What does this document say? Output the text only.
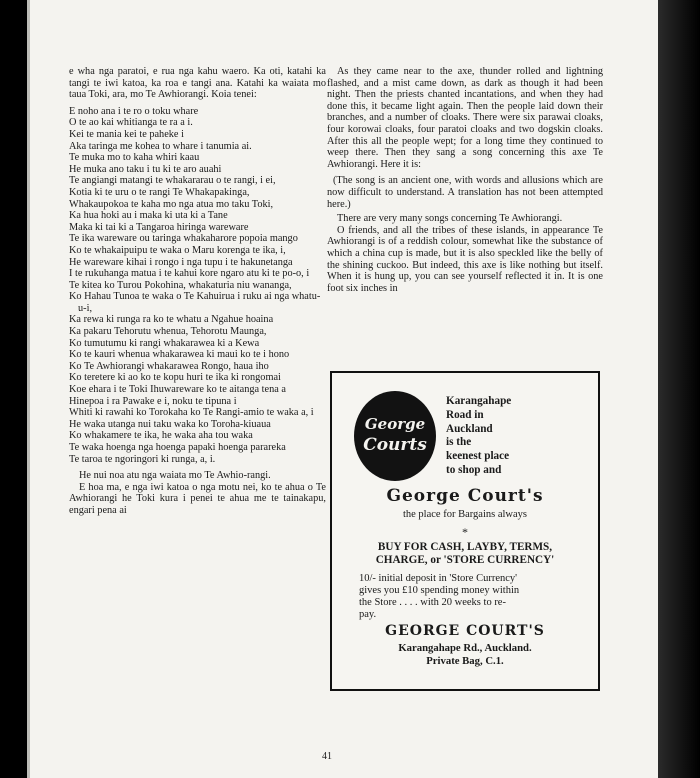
e wha nga paratoi, e rua nga kahu waero. Ka oti, katahi ka tangi te iwi katoa, ka roa e tangi ana. Katahi ka waiata mo taua Toki, ara, mo Te Awhiorangi. Koia tenei:

E noho ana i te ro o toku whare

O te ao kai whitianga te ra a i.

Kei te mania kei te paheke i

Aka taringa me kohea to whare i tanumia ai.

Te muka mo to kaha whiri kaau

He muka ano taku i tu ki te aro auahi

Te angiangi matangi te whakararau o te rangi, i ei,

Kotia ki te uru o te rangi Te Whakapakinga,

Whakaupokoa te kaha mo nga atua mo taku Toki,

Ka hua hoki au i maka ki uta ki a Tane

Maka ki tai ki a Tangaroa hiringa wareware

Te ika wareware ou taringa whakaharore popoia mango

Ko te whakaipuipu te waka o Maru korenga te ika, i,

He wareware kihai i rongo i nga tupu i te hakunetanga

I te rukuhanga matua i te kahui kore ngaro atu ki te po-o, i

Te kitea ko Turou Pokohina, whakaturia niu wananga,

Ko Hahau Tunoa te waka o Te Kahuirua i ruku ai nga whatu-u-i,

Ka rewa ki runga ra ko te whatu a Ngahue hoaina

Ka pakaru Tehorutu whenua, Tehorotu Maunga,

Ko tumutumu ki rangi whakarawea ki a Kewa

Ko te kauri whenua whakarawea ki maui ko te i hono

Ko Te Awhiorangi whakarawea Rongo, haua iho

Ko teretere ki ao ko te kopu huri te ika ki rongomai

Koe ehara i te Toki Ihuwareware ko te aitanga tena a

Hinepoa i ra Pawake e i, noku te tipuna i

Whiti ki rawahi ko Torokaha ko Te Rangi-amio te waka a, i

He waka utanga nui taku waka ko Toroha-kiuaua

Ko whakamere te ika, he waka aha tou waka

Te waka hoenga nga hoenga papaki hoenga parareka

Te taroa te ngoringori ki runga, a, i.

He nui noa atu nga waiata mo Te Awhio-rangi.

E hoa ma, e nga iwi katoa o nga motu nei, ko te ahua o Te Awhiorangi he Toki kura i penei te ahua me te tainakapu, engari pena ai

As they came near to the axe, thunder rolled and lightning flashed, and a mist came down, as dark as though it had been night. Then the priests chanted incantations, and when they had done this, it became light again. Then the people laid down their branches, and a number of cloaks. There were six parawai cloaks, four korowai cloaks, four paratoi cloaks and two dogskin cloaks. After this all the people wept; for a long time they continued to weep there. Then they sang a song concerning this axe Te Awhiorangi. Here it is:

(The song is an ancient one, with words and allusions which are now difficult to understand. A translation has not been attempted here.)

There are very many songs concerning Te Awhiorangi.

O friends, and all the tribes of these islands, in appearance Te Awhiorangi is of a reddish colour, somewhat like the substance of which a china cup is made, but it is also speckled like the belly of the shining cuckoo. But indeed, this axe is like nothing but itself. When it is hung up, you can see yourself reflected it in. It is one foot six inches in

George
Courts
Karangahape
Road in
Auckland
is the
keenest place
to shop and
George Court's
the place for Bargains always
*
BUY FOR CASH, LAYBY, TERMS,
CHARGE, or 'STORE CURRENCY'
10/- initial deposit in 'Store Currency'
gives you £10 spending money within
the Store . . . . with 20 weeks to re-
pay.
GEORGE COURT'S
Karangahape Rd., Auckland.
Private Bag, C.1.
41
